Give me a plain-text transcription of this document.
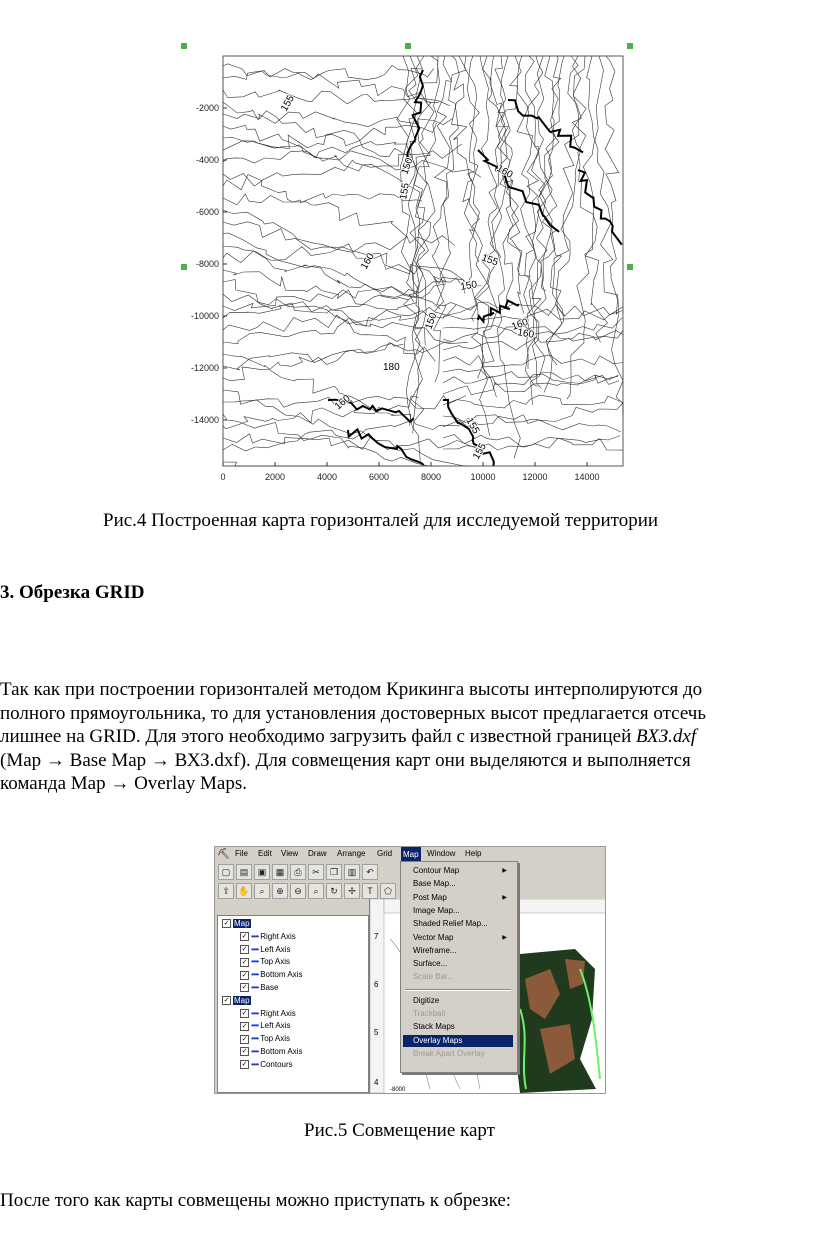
-2000
-4000
-6000
-8000
-10000
-12000
-14000
0	2000	4000	6000	8000	10000	12000	14000
155
150	160
160
155
155
160
150
150
160
180
160
155
155
Рис.4 Построенная карта горизонталей для исследуемой территории
3. Обрезка GRID
Так как при построении горизонталей методом Крикинга высоты интерполируются до
полного прямоугольника, то для установления достоверных высот предлагается отсечь
лишнее на GRID. Для этого необходимо загрузить файл с известной границей ВХЗ.dxf
(Map → Base Map → ВХЗ.dxf). Для совмещения карт они выделяются и выполняется
команда Map → Overlay Maps.
⛏ File Edit View Draw Arrange Grid Map Window Help
▢ ▤ ▣ ▦ ⎙ ✂ ❐ ▥ ↶
⇧ ✋ ⌕ ⊕ ⊖ ⌕ ↻ ✢ T ⬠
✓ Map
✓ •••• Right Axis
✓ •••• Left Axis
✓ •••• Top Axis
✓ •••• Bottom Axis
✓ •••• Base
✓ Map
✓ •••• Right Axis
✓ •••• Left Axis
✓ •••• Top Axis
✓ •••• Bottom Axis
✓ •••• Contours
7
6
5
4
-8000
Contour Map	▶
Base Map...
Post Map	▶
Image Map...
Shaded Relief Map...
Vector Map	▶
Wireframe...
Surface...
Scale Bar...
Digitize
Trackball
Stack Maps
Overlay Maps
Break Apart Overlay
Рис.5 Совмещение карт
После того как карты совмещены можно приступать к обрезке:
